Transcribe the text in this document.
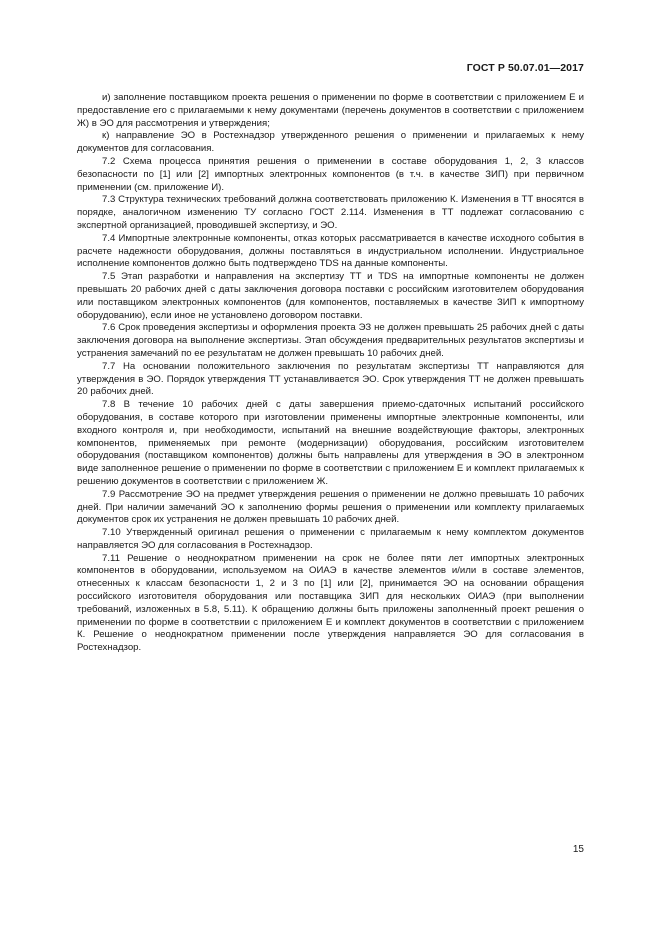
ГОСТ Р 50.07.01—2017

и) заполнение поставщиком проекта решения о применении по форме в соответствии с приложением Е и предоставление его с прилагаемыми к нему документами (перечень документов в соответствии с приложением Ж) в ЭО для рассмотрения и утверждения;

к) направление ЭО в Ростехнадзор утвержденного решения о применении и прилагаемых к нему документов для согласования.

7.2 Схема процесса принятия решения о применении в составе оборудования 1, 2, 3 классов безопасности по [1] или [2] импортных электронных компонентов (в т.ч. в качестве ЗИП) при первичном применении (см. приложение И).

7.3 Структура технических требований должна соответствовать приложению К. Изменения в ТТ вносятся в порядке, аналогичном изменению ТУ согласно ГОСТ 2.114. Изменения в ТТ подлежат согласованию с экспертной организацией, проводившей экспертизу, и ЭО.

7.4 Импортные электронные компоненты, отказ которых рассматривается в качестве исходного события в расчете надежности оборудования, должны поставляться в индустриальном исполнении. Индустриальное исполнение компонентов должно быть подтверждено TDS на данные компоненты.

7.5 Этап разработки и направления на экспертизу ТТ и TDS на импортные компоненты не должен превышать 20 рабочих дней с даты заключения договора поставки с российским изготовителем оборудования или поставщиком электронных компонентов (для компонентов, поставляемых в качестве ЗИП к импортному оборудованию), если иное не установлено договором поставки.

7.6 Срок проведения экспертизы и оформления проекта ЭЗ не должен превышать 25 рабочих дней с даты заключения договора на выполнение экспертизы. Этап обсуждения предварительных результатов экспертизы и устранения замечаний по ее результатам не должен превышать 10 рабочих дней.

7.7 На основании положительного заключения по результатам экспертизы ТТ направляются для утверждения в ЭО. Порядок утверждения ТТ устанавливается ЭО. Срок утверждения ТТ не должен превышать 20 рабочих дней.

7.8 В течение 10 рабочих дней с даты завершения приемо-сдаточных испытаний российского оборудования, в составе которого при изготовлении применены импортные электронные компоненты, или входного контроля и, при необходимости, испытаний на внешние воздействующие факторы, электронных компонентов, применяемых при ремонте (модернизации) оборудования, российским изготовителем оборудования (поставщиком компонентов) должны быть направлены для утверждения в ЭО в электронном виде заполненное решение о применении по форме в соответствии с приложением Е и комплект прилагаемых к решению документов в соответствии с приложением Ж.

7.9 Рассмотрение ЭО на предмет утверждения решения о применении не должно превышать 10 рабочих дней. При наличии замечаний ЭО к заполнению формы решения о применении или комплекту прилагаемых документов срок их устранения не должен превышать 10 рабочих дней.

7.10 Утвержденный оригинал решения о применении с прилагаемым к нему комплектом документов направляется ЭО для согласования в Ростехнадзор.

7.11 Решение о неоднократном применении на срок не более пяти лет импортных электронных компонентов в оборудовании, используемом на ОИАЭ в качестве элементов и/или в составе элементов, отнесенных к классам безопасности 1, 2 и 3 по [1] или [2], принимается ЭО на основании обращения российского изготовителя оборудования или поставщика ЗИП для нескольких ОИАЭ (при выполнении требований, изложенных в 5.8, 5.11). К обращению должны быть приложены заполненный проект решения о применении по форме в соответствии с приложением Е и комплект документов в соответствии с приложением К. Решение о неоднократном применении после утверждения направляется ЭО для согласования в Ростехнадзор.

15
